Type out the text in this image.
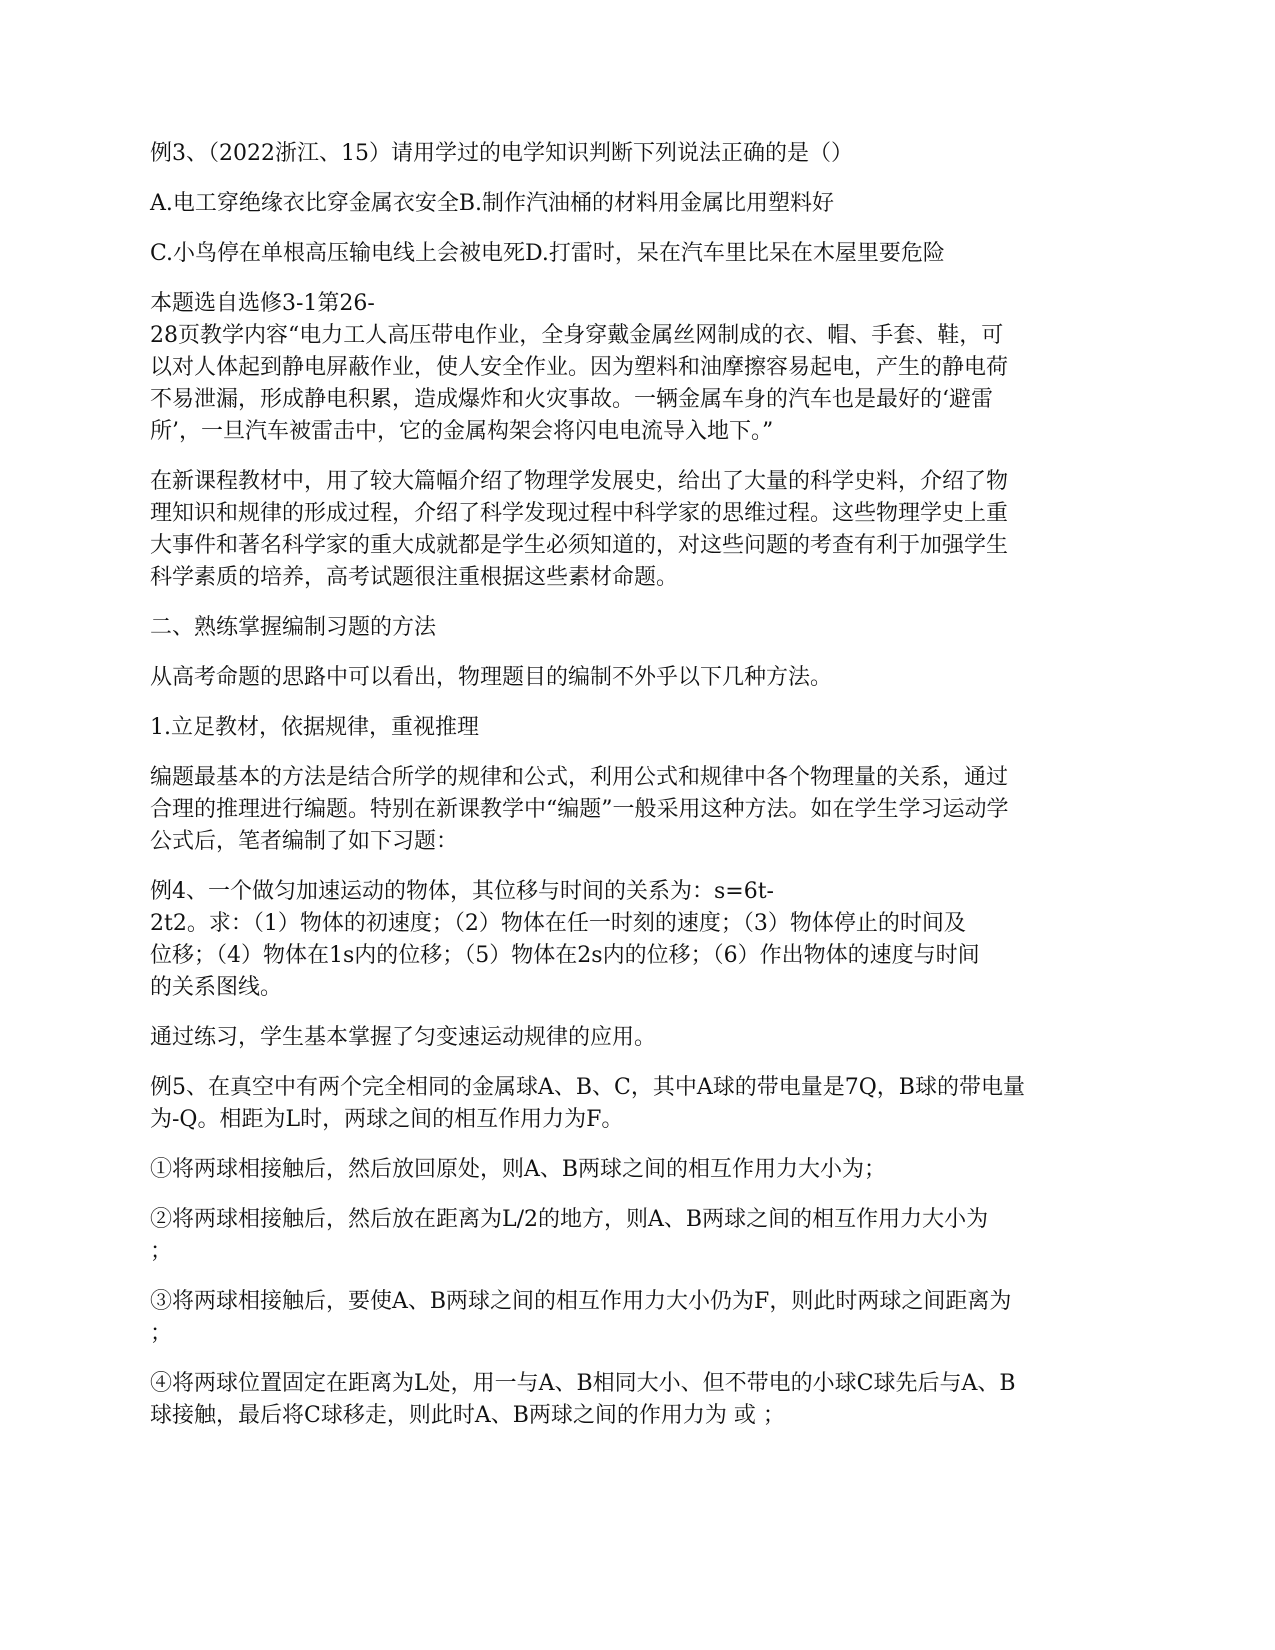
例3、（2022浙江、15）请用学过的电学知识判断下列说法正确的是（）

A.电工穿绝缘衣比穿金属衣安全B.制作汽油桶的材料用金属比用塑料好

C.小鸟停在单根高压输电线上会被电死D.打雷时，呆在汽车里比呆在木屋里要危险

本题选自选修3-1第26-
28页教学内容“电力工人高压带电作业，全身穿戴金属丝网制成的衣、帽、手套、鞋，可
以对人体起到静电屏蔽作业，使人安全作业。因为塑料和油摩擦容易起电，产生的静电荷
不易泄漏，形成静电积累，造成爆炸和火灾事故。一辆金属车身的汽车也是最好的‘避雷
所’，一旦汽车被雷击中，它的金属构架会将闪电电流导入地下。”

在新课程教材中，用了较大篇幅介绍了物理学发展史，给出了大量的科学史料，介绍了物
理知识和规律的形成过程，介绍了科学发现过程中科学家的思维过程。这些物理学史上重
大事件和著名科学家的重大成就都是学生必须知道的，对这些问题的考查有利于加强学生
科学素质的培养，高考试题很注重根据这些素材命题。

二、熟练掌握编制习题的方法

从高考命题的思路中可以看出，物理题目的编制不外乎以下几种方法。

1.立足教材，依据规律，重视推理

编题最基本的方法是结合所学的规律和公式，利用公式和规律中各个物理量的关系，通过
合理的推理进行编题。特别在新课教学中“编题”一般采用这种方法。如在学生学习运动学
公式后，笔者编制了如下习题：

例4、一个做匀加速运动的物体，其位移与时间的关系为：s=6t-
2t2。求：（1）物体的初速度；（2）物体在任一时刻的速度；（3）物体停止的时间及
位移；（4）物体在1s内的位移；（5）物体在2s内的位移；（6）作出物体的速度与时间
的关系图线。

通过练习，学生基本掌握了匀变速运动规律的应用。

例5、在真空中有两个完全相同的金属球A、B、C，其中A球的带电量是7Q，B球的带电量
为-Q。相距为L时，两球之间的相互作用力为F。

①将两球相接触后，然后放回原处，则A、B两球之间的相互作用力大小为；

②将两球相接触后，然后放在距离为L/2的地方，则A、B两球之间的相互作用力大小为
；

③将两球相接触后，要使A、B两球之间的相互作用力大小仍为F，则此时两球之间距离为
；

④将两球位置固定在距离为L处，用一与A、B相同大小、但不带电的小球C球先后与A、B
球接触，最后将C球移走，则此时A、B两球之间的作用力为 或 ；
